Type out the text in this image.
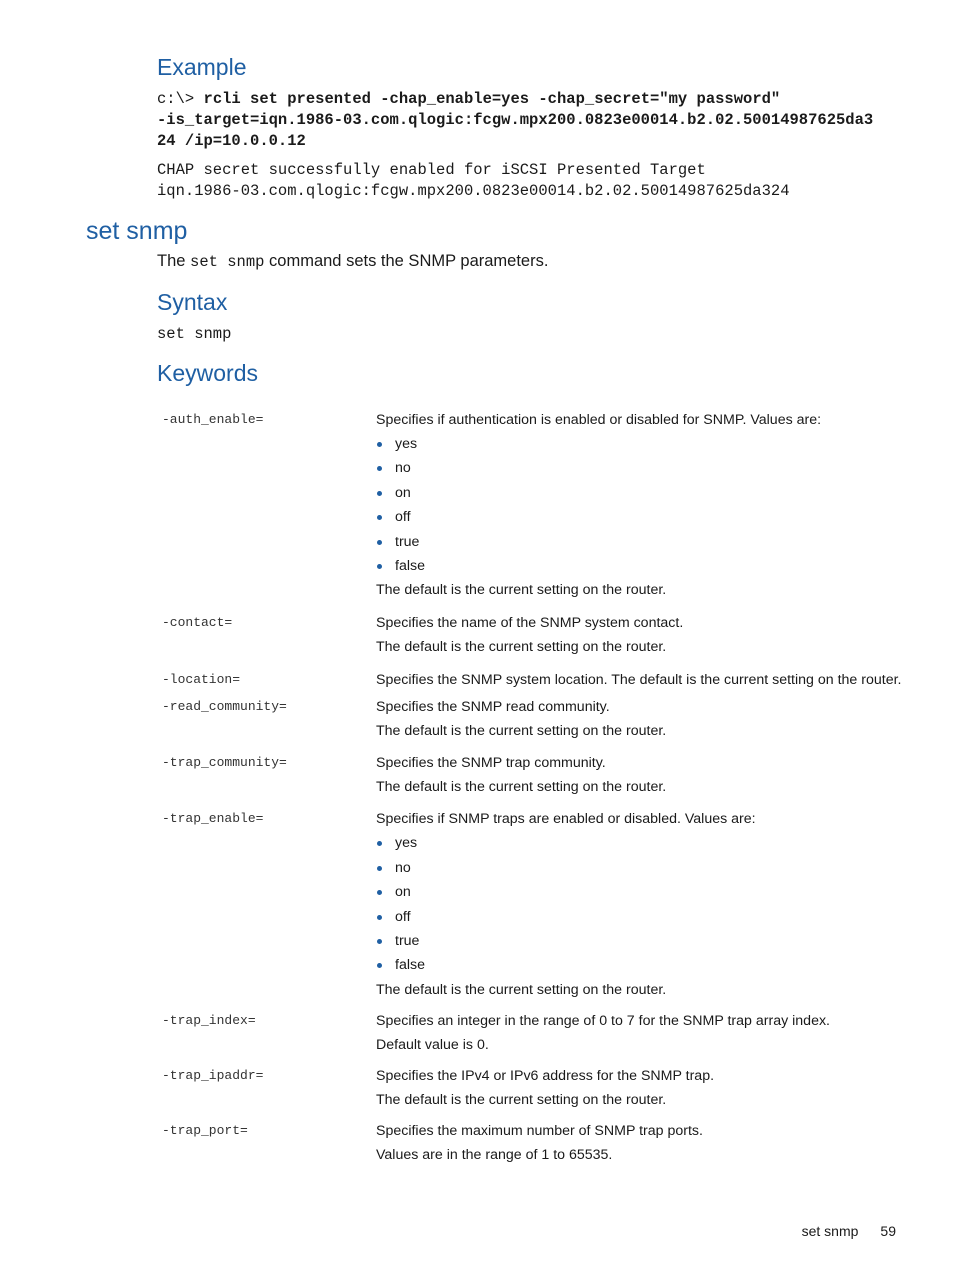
Example
c:\> rcli set presented -chap_enable=yes -chap_secret="my password"
-is_target=iqn.1986-03.com.qlogic:fcgw.mpx200.0823e00014.b2.02.50014987625da3
24 /ip=10.0.0.12
CHAP secret successfully enabled for iSCSI Presented Target
iqn.1986-03.com.qlogic:fcgw.mpx200.0823e00014.b2.02.50014987625da324
set snmp

The set snmp command sets the SNMP parameters.

Syntax
set snmp
Keywords
-auth_enable=	Specifies if authentication is enabled or disabled for SNMP. Values are:

yes
no
on
off
true
false

The default is the current setting on the router.

-contact=	Specifies the name of the SNMP system contact.

The default is the current setting on the router.

-location=	Specifies the SNMP system location. The default is the current setting on the router.

-read_community=	Specifies the SNMP read community.

The default is the current setting on the router.

-trap_community=	Specifies the SNMP trap community.

The default is the current setting on the router.

-trap_enable=	Specifies if SNMP traps are enabled or disabled. Values are:

yes
no
on
off
true
false

The default is the current setting on the router.

-trap_index=	Specifies an integer in the range of 0 to 7 for the SNMP trap array index.

Default value is 0.

-trap_ipaddr=	Specifies the IPv4 or IPv6 address for the SNMP trap.

The default is the current setting on the router.

-trap_port=	Specifies the maximum number of SNMP trap ports.

Values are in the range of 1 to 65535.

set snmp 59
